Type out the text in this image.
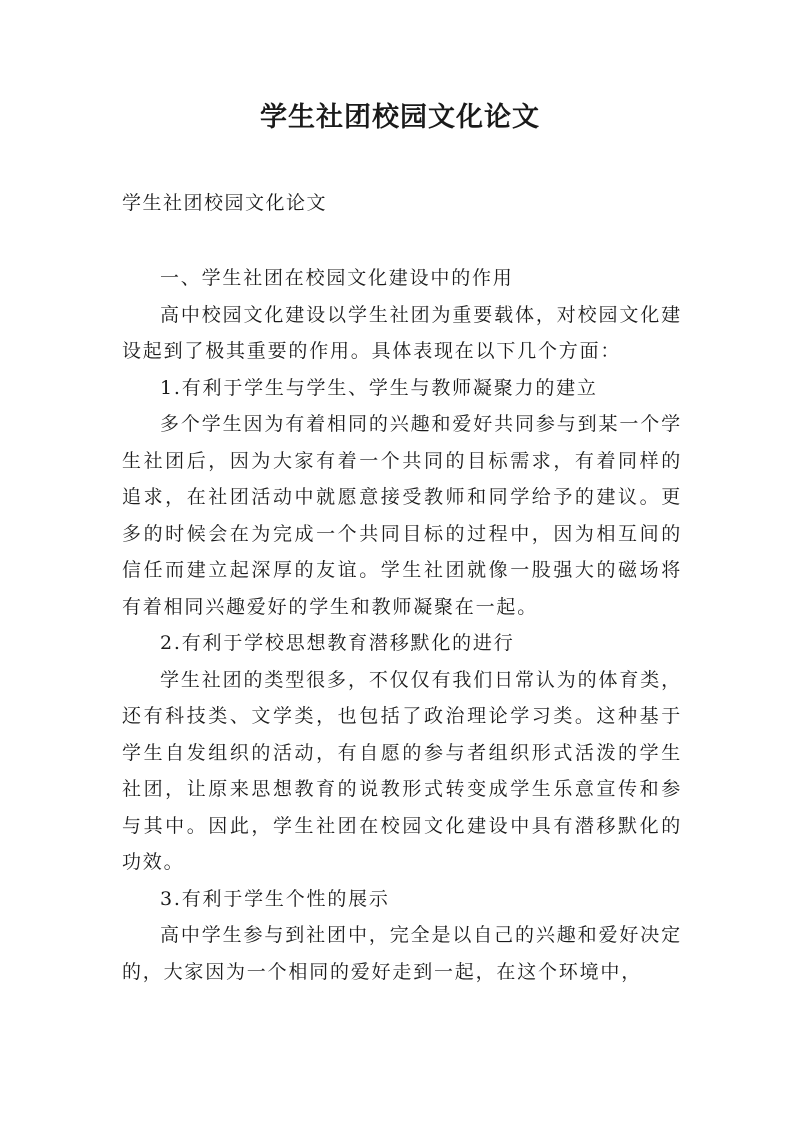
学生社团校园文化论文

学生社团校园文化论文

一、学生社团在校园文化建设中的作用

高中校园文化建设以学生社团为重要载体，对校园文化建设起到了极其重要的作用。具体表现在以下几个方面：

1.有利于学生与学生、学生与教师凝聚力的建立

多个学生因为有着相同的兴趣和爱好共同参与到某一个学生社团后，因为大家有着一个共同的目标需求，有着同样的追求，在社团活动中就愿意接受教师和同学给予的建议。更多的时候会在为完成一个共同目标的过程中，因为相互间的信任而建立起深厚的友谊。学生社团就像一股强大的磁场将有着相同兴趣爱好的学生和教师凝聚在一起。

2.有利于学校思想教育潜移默化的进行

学生社团的类型很多，不仅仅有我们日常认为的体育类，还有科技类、文学类，也包括了政治理论学习类。这种基于学生自发组织的活动，有自愿的参与者组织形式活泼的学生社团，让原来思想教育的说教形式转变成学生乐意宣传和参与其中。因此，学生社团在校园文化建设中具有潜移默化的功效。

3.有利于学生个性的展示

高中学生参与到社团中，完全是以自己的兴趣和爱好决定的，大家因为一个相同的爱好走到一起，在这个环境中，
